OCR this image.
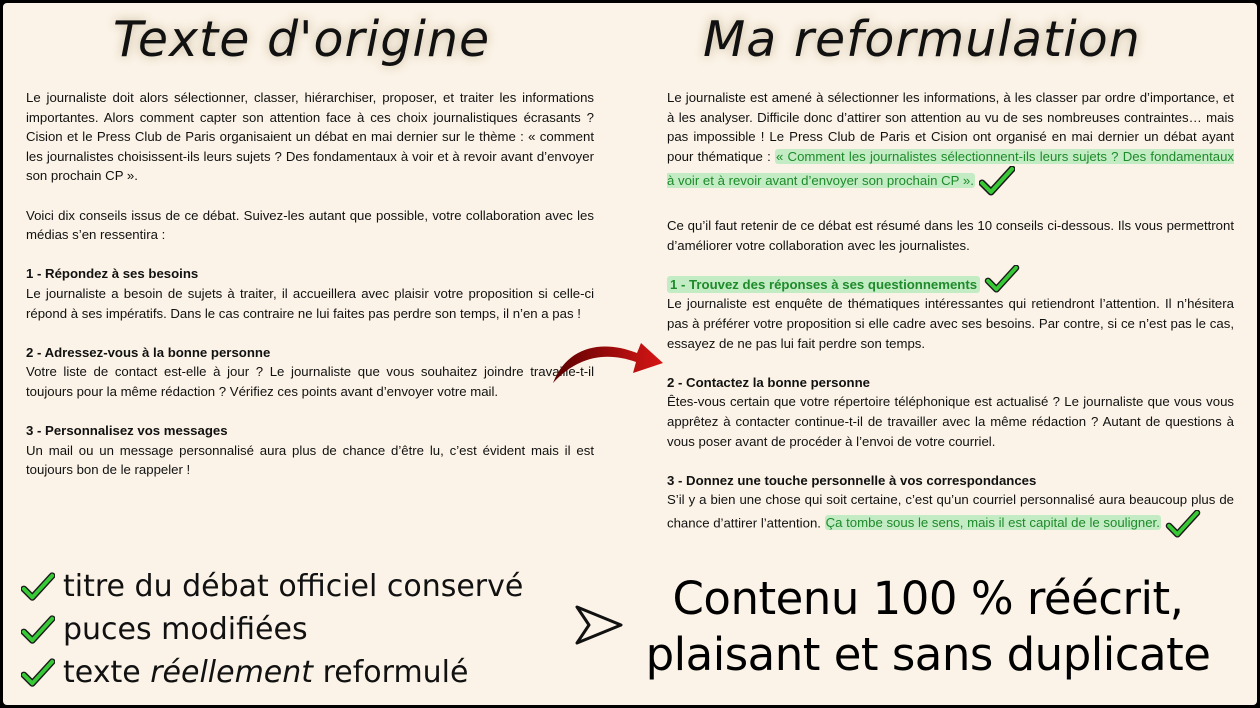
Texte d'origine	Ma reformulation

Le journaliste doit alors sélectionner, classer, hiérarchiser, proposer, et traiter les informations importantes. Alors comment capter son attention face à ces choix journalistiques écrasants ? Cision et le Press Club de Paris organisaient un débat en mai dernier sur le thème : « comment les journalistes choisissent-ils leurs sujets ? Des fondamentaux à voir et à revoir avant d’envoyer son prochain CP ».

Voici dix conseils issus de ce débat. Suivez-les autant que possible, votre collaboration avec les médias s’en ressentira :

1 - Répondez à ses besoins
Le journaliste a besoin de sujets à traiter, il accueillera avec plaisir votre proposition si celle-ci répond à ses impératifs. Dans le cas contraire ne lui faites pas perdre son temps, il n’en a pas !

2 - Adressez-vous à la bonne personne
Votre liste de contact est-elle à jour ? Le journaliste que vous souhaitez joindre travaille-t-il toujours pour la même rédaction ? Vérifiez ces points avant d’envoyer votre mail.

3 - Personnalisez vos messages
Un mail ou un message personnalisé aura plus de chance d’être lu, c’est évident mais il est toujours bon de le rappeler !

Le journaliste est amené à sélectionner les informations, à les classer par ordre d’importance, et à les analyser. Difficile donc d’attirer son attention au vu de ses nombreuses contraintes… mais pas impossible ! Le Press Club de Paris et Cision ont organisé en mai dernier un débat ayant pour thématique : « Comment les journalistes sélectionnent-ils leurs sujets ? Des fondamentaux à voir et à revoir avant d’envoyer son prochain CP ».

Ce qu’il faut retenir de ce débat est résumé dans les 10 conseils ci-dessous. Ils vous permettront d’améliorer votre collaboration avec les journalistes.

1 - Trouvez des réponses à ses questionnements
Le journaliste est enquête de thématiques intéressantes qui retiendront l’attention. Il n’hésitera pas à préférer votre proposition si elle cadre avec ses besoins. Par contre, si ce n’est pas le cas, essayez de ne pas lui fait perdre son temps.

2 - Contactez la bonne personne
Êtes-vous certain que votre répertoire téléphonique est actualisé ? Le journaliste que vous vous apprêtez à contacter continue-t-il de travailler avec la même rédaction ? Autant de questions à vous poser avant de procéder à l’envoi de votre courriel.

3 - Donnez une touche personnelle à vos correspondances
S’il y a bien une chose qui soit certaine, c’est qu’un courriel personnalisé aura beaucoup plus de chance d’attirer l’attention. Ça tombe sous le sens, mais il est capital de le souligner.

titre du débat officiel conservé
puces modifiées
texte réellement reformulé
Contenu 100 % réécrit,
plaisant et sans duplicate
